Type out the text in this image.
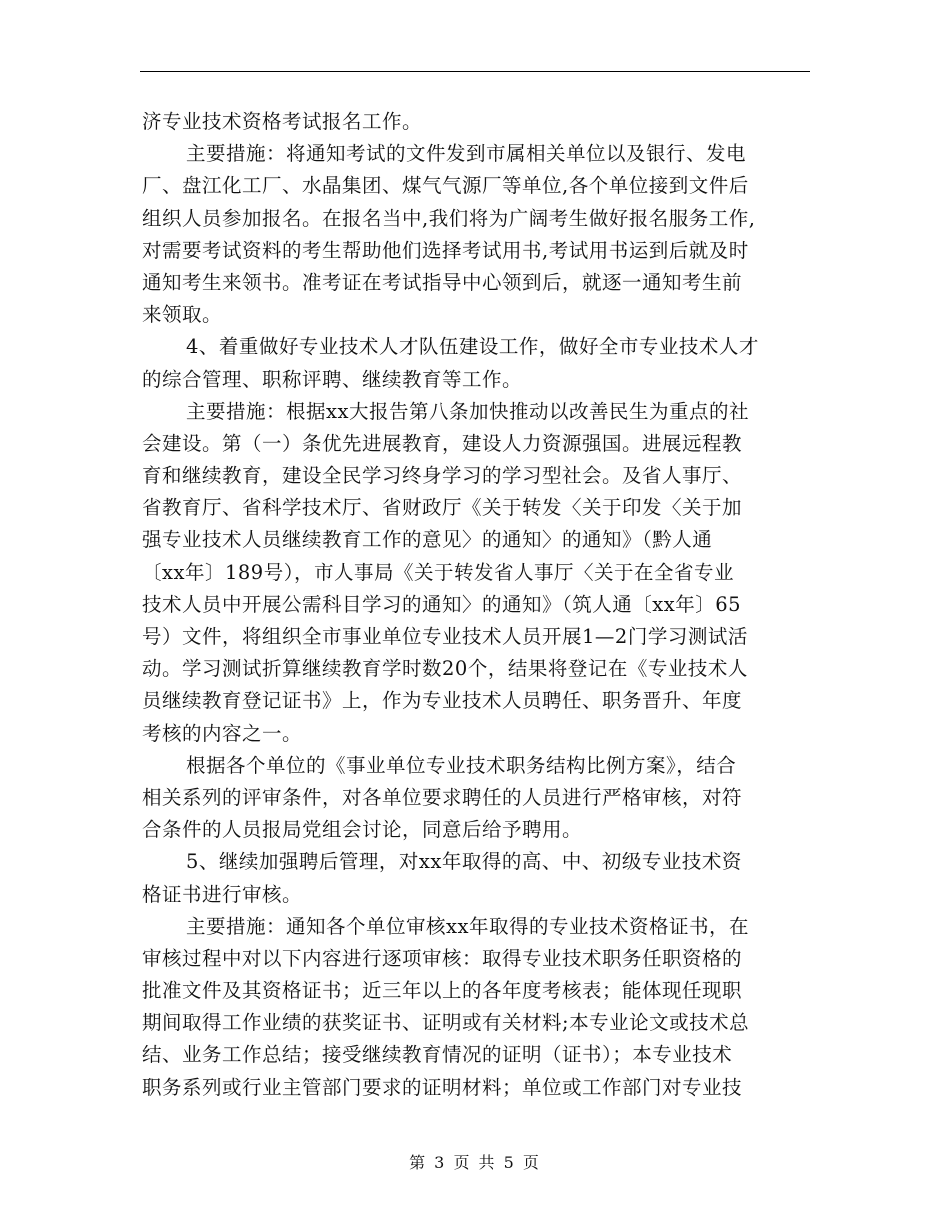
济专业技术资格考试报名工作。
主要措施：将通知考试的文件发到市属相关单位以及银行、发电
厂、盘江化工厂、水晶集团、煤气气源厂等单位,各个单位接到文件后
组织人员参加报名。在报名当中,我们将为广阔考生做好报名服务工作,
对需要考试资料的考生帮助他们选择考试用书,考试用书运到后就及时
通知考生来领书。准考证在考试指导中心领到后，就逐一通知考生前
来领取。
4、着重做好专业技术人才队伍建设工作，做好全市专业技术人才
的综合管理、职称评聘、继续教育等工作。
主要措施：根据xx大报告第八条加快推动以改善民生为重点的社
会建设。第（一）条优先进展教育，建设人力资源强国。进展远程教
育和继续教育，建设全民学习终身学习的学习型社会。及省人事厅、
省教育厅、省科学技术厅、省财政厅《关于转发〈关于印发〈关于加
强专业技术人员继续教育工作的意见〉的通知〉的通知》（黔人通
〔xx年〕189号），市人事局《关于转发省人事厅〈关于在全省专业
技术人员中开展公需科目学习的通知〉的通知》（筑人通〔xx年〕65
号）文件，将组织全市事业单位专业技术人员开展1—2门学习测试活
动。学习测试折算继续教育学时数20个，结果将登记在《专业技术人
员继续教育登记证书》上，作为专业技术人员聘任、职务晋升、年度
考核的内容之一。
根据各个单位的《事业单位专业技术职务结构比例方案》，结合
相关系列的评审条件，对各单位要求聘任的人员进行严格审核，对符
合条件的人员报局党组会讨论，同意后给予聘用。
5、继续加强聘后管理，对xx年取得的高、中、初级专业技术资
格证书进行审核。
主要措施：通知各个单位审核xx年取得的专业技术资格证书，在
审核过程中对以下内容进行逐项审核：取得专业技术职务任职资格的
批准文件及其资格证书；近三年以上的各年度考核表；能体现任现职
期间取得工作业绩的获奖证书、证明或有关材料;本专业论文或技术总
结、业务工作总结；接受继续教育情况的证明（证书）；本专业技术
职务系列或行业主管部门要求的证明材料；单位或工作部门对专业技
第 3 页 共 5 页
